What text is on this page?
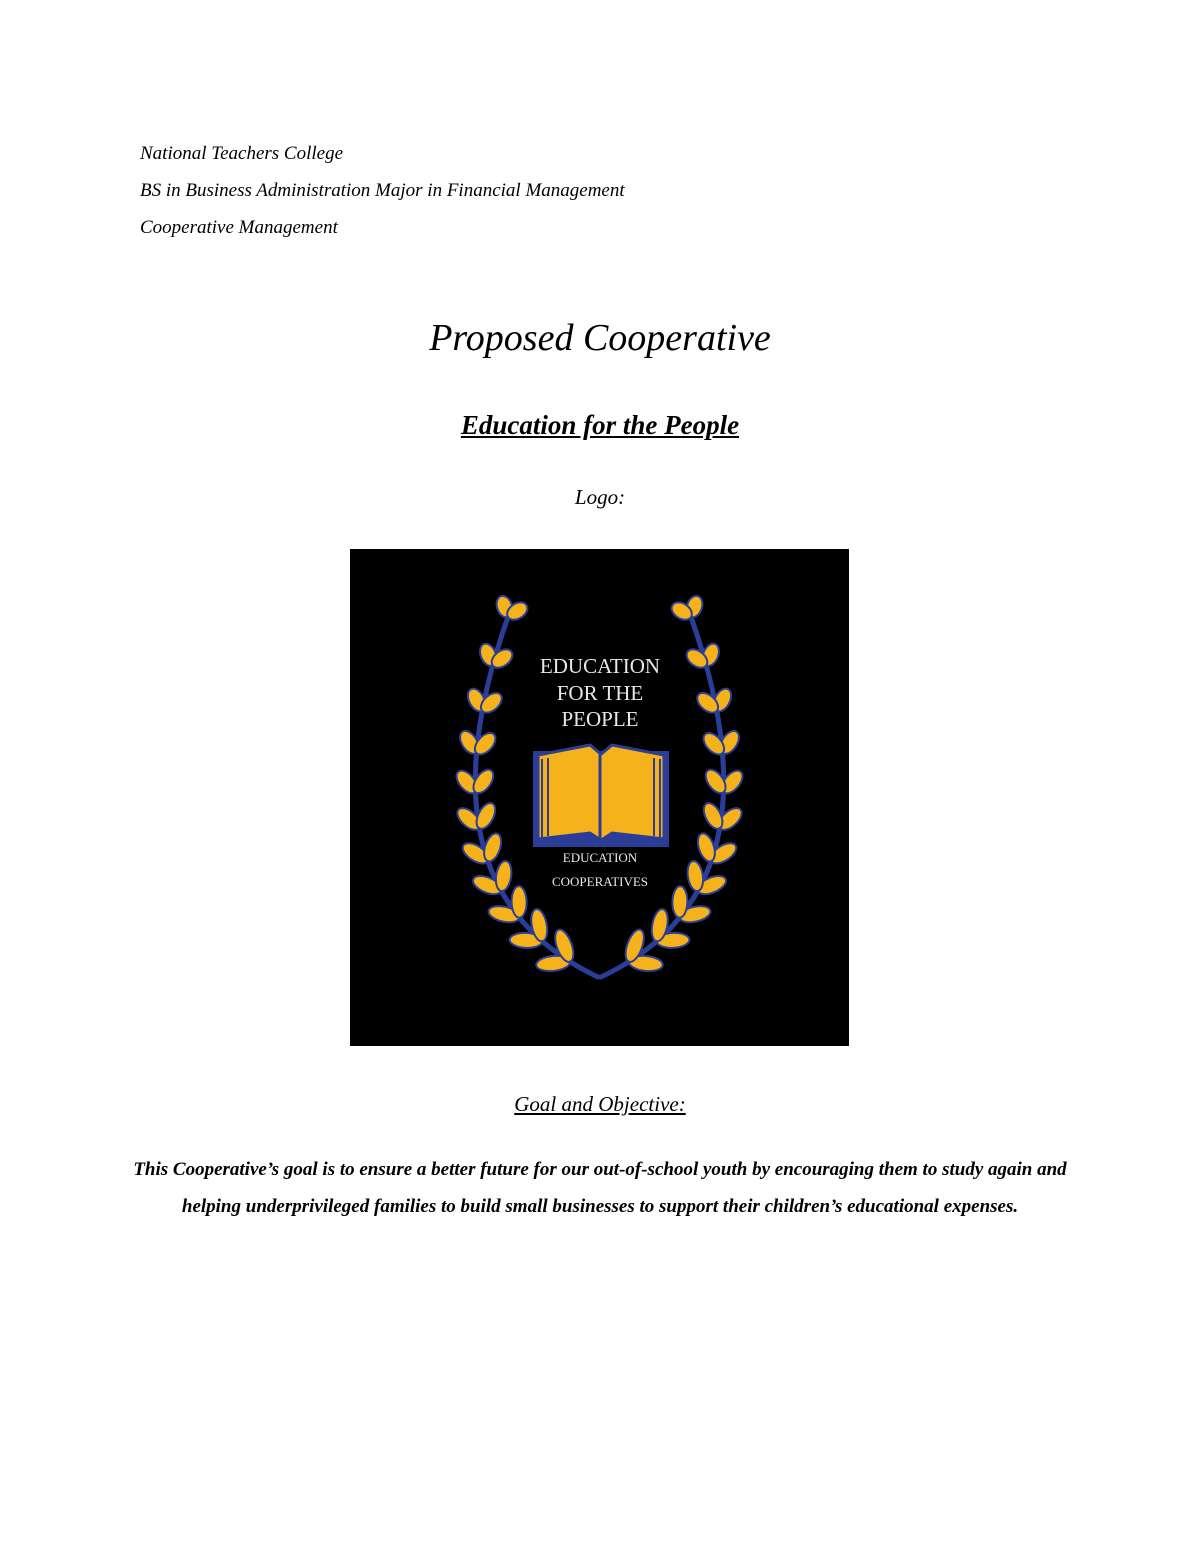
National Teachers College
BS in Business Administration Major in Financial Management
Cooperative Management
Proposed Cooperative
Education for the People
Logo:
EDUCATION
FOR THE
PEOPLE
EDUCATION
COOPERATIVES
Goal and Objective:
This Cooperative’s goal is to ensure a better future for our out-of-school youth by encouraging them to study again and helping underprivileged families to build small businesses to support their children’s educational expenses.
